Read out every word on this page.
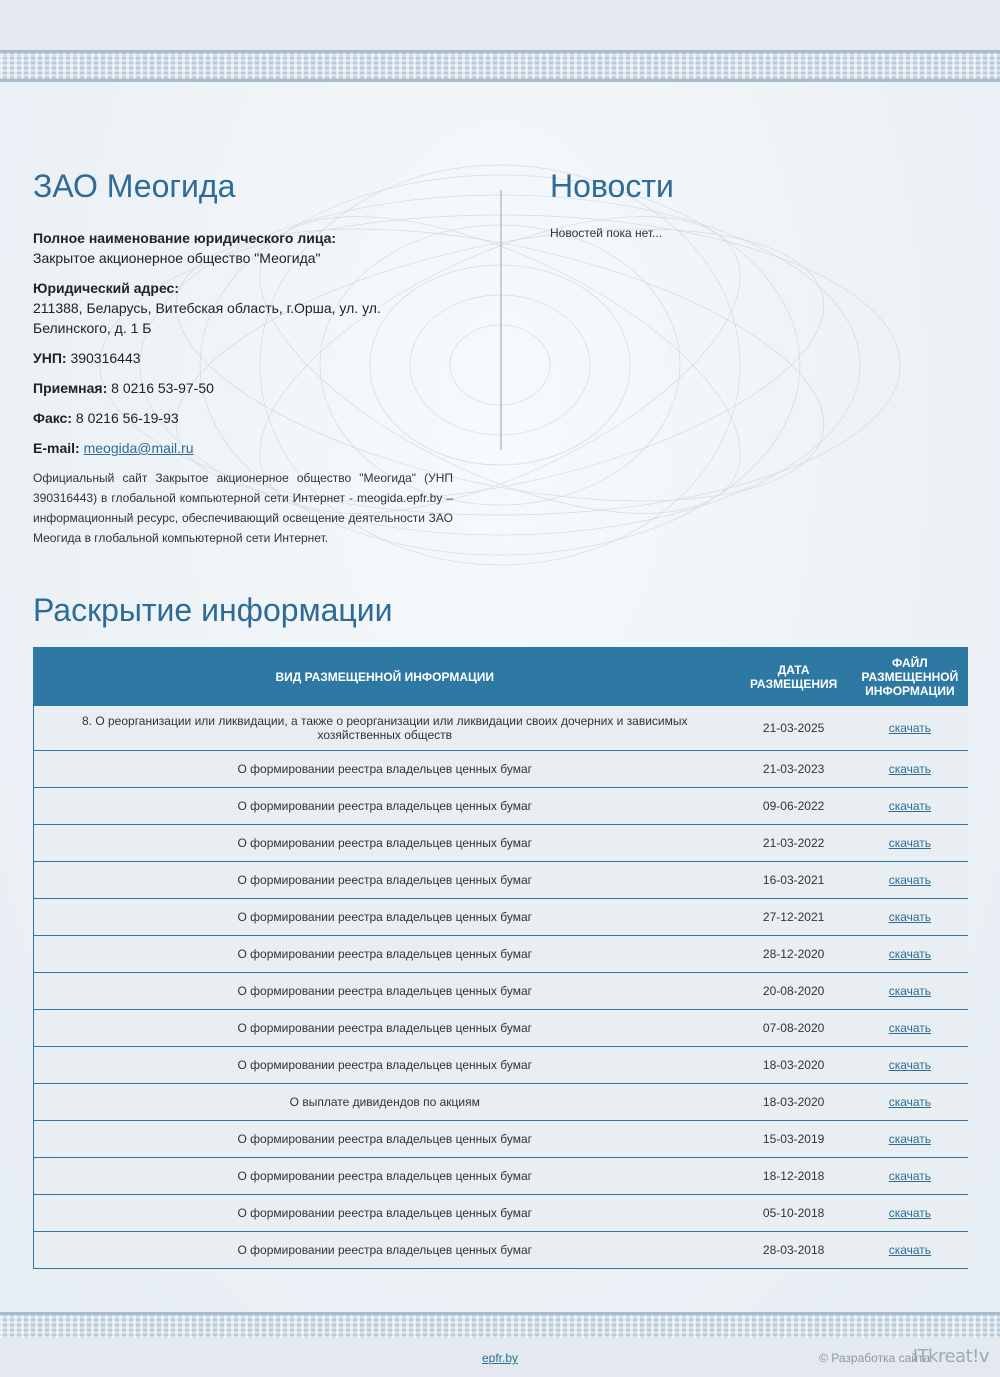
ЗАО Меогида	Новости

Полное наименование юридического лица:
Закрытое акционерное общество "Меогида"

Юридический адрес:
211388, Беларусь, Витебская область, г.Орша, ул. ул. Белинского, д. 1 Б

УНП: 390316443

Приемная: 8 0216 53-97-50

Факс: 8 0216 56-19-93

E-mail: meogida@mail.ru

Официальный сайт Закрытое акционерное общество "Меогида" (УНП 390316443) в глобальной компьютерной сети Интернет - meogida.epfr.by – информационный ресурс, обеспечивающий освещение деятельности ЗАО Меогида в глобальной компьютерной сети Интернет.

Новостей пока нет...
Раскрытие информации
ВИД РАЗМЕЩЕННОЙ ИНФОРМАЦИИ	ДАТА РАЗМЕЩЕНИЯ	ФАЙЛ РАЗМЕЩЕННОЙ ИНФОРМАЦИИ
8. О реорганизации или ликвидации, а также о реорганизации или ликвидации своих дочерних и зависимых хозяйственных обществ	21-03-2025	скачать
О формировании реестра владельцев ценных бумаг	21-03-2023	скачать
О формировании реестра владельцев ценных бумаг	09-06-2022	скачать
О формировании реестра владельцев ценных бумаг	21-03-2022	скачать
О формировании реестра владельцев ценных бумаг	16-03-2021	скачать
О формировании реестра владельцев ценных бумаг	27-12-2021	скачать
О формировании реестра владельцев ценных бумаг	28-12-2020	скачать
О формировании реестра владельцев ценных бумаг	20-08-2020	скачать
О формировании реестра владельцев ценных бумаг	07-08-2020	скачать
О формировании реестра владельцев ценных бумаг	18-03-2020	скачать
О выплате дивидендов по акциям	18-03-2020	скачать
О формировании реестра владельцев ценных бумаг	15-03-2019	скачать
О формировании реестра владельцев ценных бумаг	18-12-2018	скачать
О формировании реестра владельцев ценных бумаг	05-10-2018	скачать
О формировании реестра владельцев ценных бумаг	28-03-2018	скачать
epfr.by	© Разработка сайта
ITkreat!v
